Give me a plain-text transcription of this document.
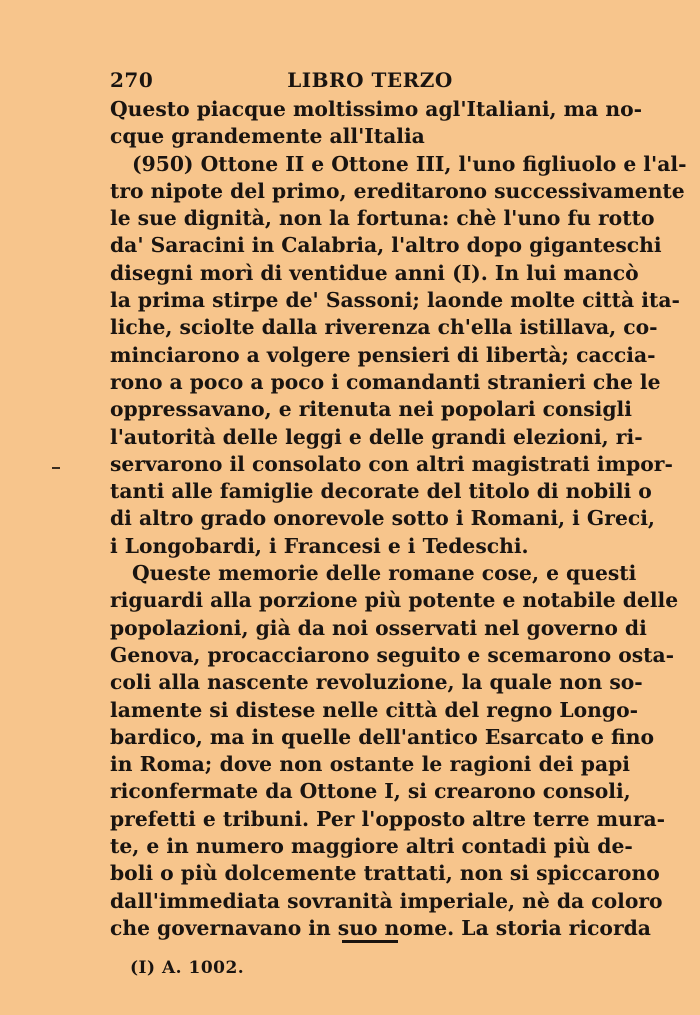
270	LIBRO TERZO
Questo piacque moltissimo agl'Italiani, ma no-
cque grandemente all'Italia
(950) Ottone II e Ottone III, l'uno figliuolo e l'al-
tro nipote del primo, ereditarono successivamente
le sue dignità, non la fortuna: chè l'uno fu rotto
da' Saracini in Calabria, l'altro dopo giganteschi
disegni morì di ventidue anni (I). In lui mancò
la prima stirpe de' Sassoni; laonde molte città ita-
liche, sciolte dalla riverenza ch'ella istillava, co-
minciarono a volgere pensieri di libertà; caccia-
rono a poco a poco i comandanti stranieri che le
oppressavano, e ritenuta nei popolari consigli
l'autorità delle leggi e delle grandi elezioni, ri-
servarono il consolato con altri magistrati impor-
tanti alle famiglie decorate del titolo di nobili o
di altro grado onorevole sotto i Romani, i Greci,
i Longobardi, i Francesi e i Tedeschi.
Queste memorie delle romane cose, e questi
riguardi alla porzione più potente e notabile delle
popolazioni, già da noi osservati nel governo di
Genova, procacciarono seguito e scemarono osta-
coli alla nascente revoluzione, la quale non so-
lamente si distese nelle città del regno Longo-
bardico, ma in quelle dell'antico Esarcato e fino
in Roma; dove non ostante le ragioni dei papi
riconfermate da Ottone I, si crearono consoli,
prefetti e tribuni. Per l'opposto altre terre mura-
te, e in numero maggiore altri contadi più de-
boli o più dolcemente trattati, non si spiccarono
dall'immediata sovranità imperiale, nè da coloro
che governavano in suo nome. La storia ricorda
(I) A. 1002.
